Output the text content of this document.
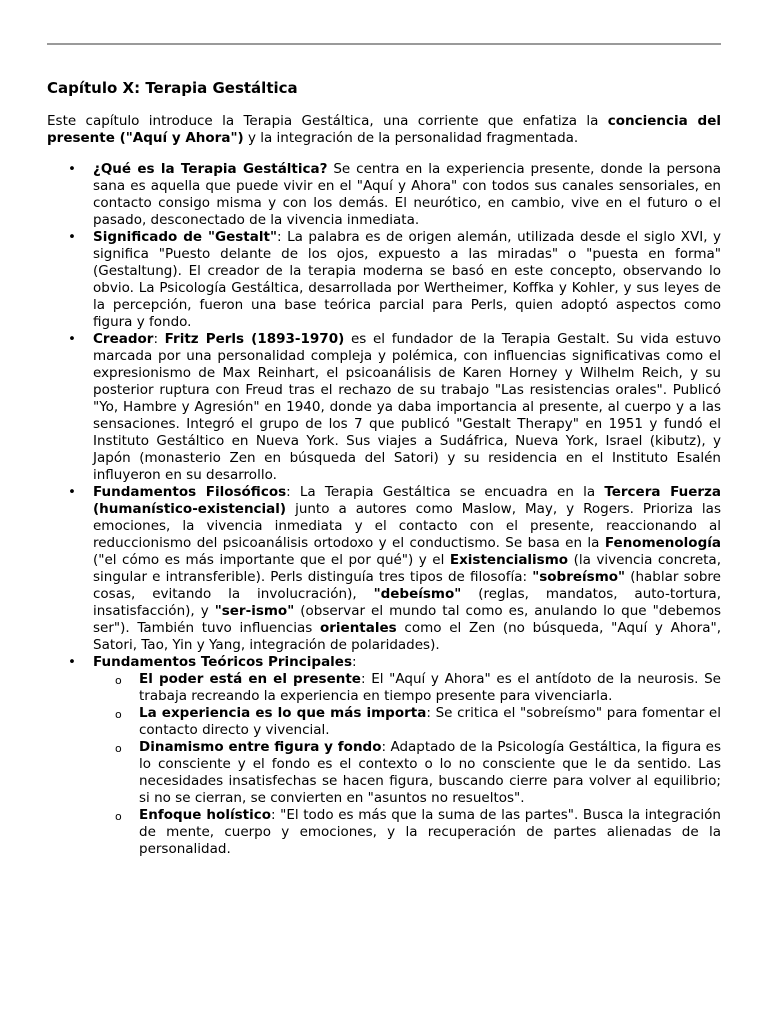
Capítulo X: Terapia Gestáltica

Este capítulo introduce la Terapia Gestáltica, una corriente que enfatiza la conciencia del presente ("Aquí y Ahora") y la integración de la personalidad fragmentada.

• ¿Qué es la Terapia Gestáltica? Se centra en la experiencia presente, donde la persona sana es aquella que puede vivir en el "Aquí y Ahora" con todos sus canales sensoriales, en contacto consigo misma y con los demás. El neurótico, en cambio, vive en el futuro o el pasado, desconectado de la vivencia inmediata.
• Significado de "Gestalt": La palabra es de origen alemán, utilizada desde el siglo XVI, y significa "Puesto delante de los ojos, expuesto a las miradas" o "puesta en forma" (Gestaltung). El creador de la terapia moderna se basó en este concepto, observando lo obvio. La Psicología Gestáltica, desarrollada por Wertheimer, Koffka y Kohler, y sus leyes de la percepción, fueron una base teórica parcial para Perls, quien adoptó aspectos como figura y fondo.
• Creador: Fritz Perls (1893-1970) es el fundador de la Terapia Gestalt. Su vida estuvo marcada por una personalidad compleja y polémica, con influencias significativas como el expresionismo de Max Reinhart, el psicoanálisis de Karen Horney y Wilhelm Reich, y su posterior ruptura con Freud tras el rechazo de su trabajo "Las resistencias orales". Publicó "Yo, Hambre y Agresión" en 1940, donde ya daba importancia al presente, al cuerpo y a las sensaciones. Integró el grupo de los 7 que publicó "Gestalt Therapy" en 1951 y fundó el Instituto Gestáltico en Nueva York. Sus viajes a Sudáfrica, Nueva York, Israel (kibutz), y Japón (monasterio Zen en búsqueda del Satori) y su residencia en el Instituto Esalén influyeron en su desarrollo.
• Fundamentos Filosóficos: La Terapia Gestáltica se encuadra en la Tercera Fuerza (humanístico-existencial) junto a autores como Maslow, May, y Rogers. Prioriza las emociones, la vivencia inmediata y el contacto con el presente, reaccionando al reduccionismo del psicoanálisis ortodoxo y el conductismo. Se basa en la Fenomenología ("el cómo es más importante que el por qué") y el Existencialismo (la vivencia concreta, singular e intransferible). Perls distinguía tres tipos de filosofía: "sobreísmo" (hablar sobre cosas, evitando la involucración), "debeísmo" (reglas, mandatos, auto-tortura, insatisfacción), y "ser-ismo" (observar el mundo tal como es, anulando lo que "debemos ser"). También tuvo influencias orientales como el Zen (no búsqueda, "Aquí y Ahora", Satori, Tao, Yin y Yang, integración de polaridades).
• Fundamentos Teóricos Principales:
o El poder está en el presente: El "Aquí y Ahora" es el antídoto de la neurosis. Se trabaja recreando la experiencia en tiempo presente para vivenciarla.
o La experiencia es lo que más importa: Se critica el "sobreísmo" para fomentar el contacto directo y vivencial.
o Dinamismo entre figura y fondo: Adaptado de la Psicología Gestáltica, la figura es lo consciente y el fondo es el contexto o lo no consciente que le da sentido. Las necesidades insatisfechas se hacen figura, buscando cierre para volver al equilibrio; si no se cierran, se convierten en "asuntos no resueltos".
o Enfoque holístico: "El todo es más que la suma de las partes". Busca la integración de mente, cuerpo y emociones, y la recuperación de partes alienadas de la personalidad.
